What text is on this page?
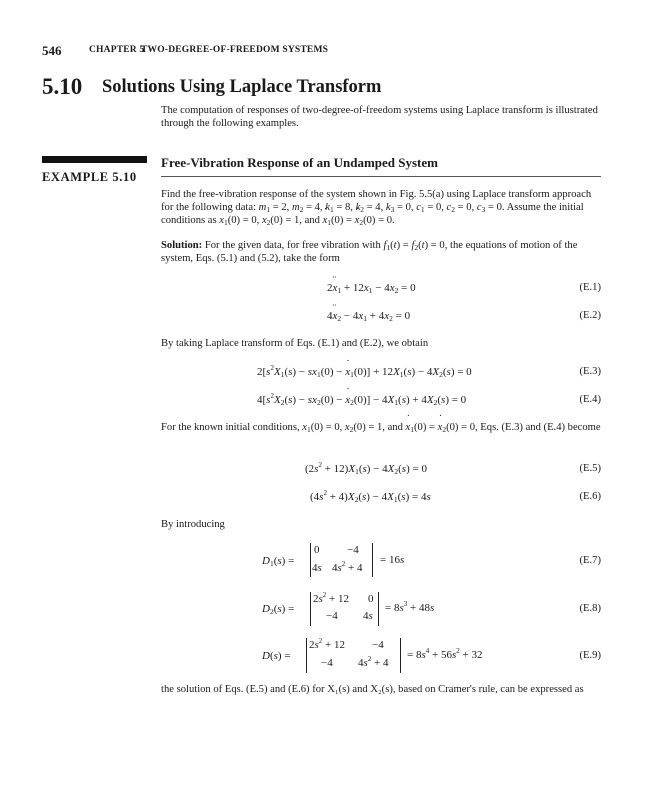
546	CHAPTER 5
TWO-DEGREE-OF-FREEDOM SYSTEMS
5.10 Solutions Using Laplace Transform
The computation of responses of two-degree-of-freedom systems using Laplace transform is illustrated through the following examples.
EXAMPLE 5.10
Free-Vibration Response of an Undamped System
Find the free-vibration response of the system shown in Fig. 5.5(a) using Laplace transform approach for the following data: $m_1 = 2$, $m_2 = 4$, $k_1 = 8$, $k_2 = 4$, $k_3 = 0$, $c_1 = 0$, $c_2 = 0$, $c_3 = 0$. Assume the initial conditions as $x_1(0) = 0$, $x_2(0) = 1$, and x $˙_1(0) = x$ $˙_2(0) = 0$.
Solution: For the given data, for free vibration with $f_1(t) = f_2(t) = 0$, the equations of motion of the system, Eqs. (5.1) and (5.2), take the form
2x $¨_1 + 12x_1 - 4x_2 = 0$	(E.1)
4x $¨_2 - 4x_1 + 4x_2 = 0$	(E.2)
By taking Laplace transform of Eqs. (E.1) and (E.2), we obtain
$2[s^2X_1(s) - sx_1(0) - x$ $˙_1(0)] + 12X_1(s) - 4X_2(s) = 0$	(E.3)
$4[s^2X_2(s) - sx_2(0) - x$ $˙_2(0)] - 4X_1(s) + 4X_2(s) = 0$	(E.4)
For the known initial conditions, $x_1(0) = 0$, $x_2(0) = 1$, and x $˙_1(0) = x$ $˙_2(0) = 0$, Eqs. (E.3) and (E.4) become
$(2s^2 + 12)X_1(s) - 4X_2(s) = 0$	(E.5)
$(4s^2 + 4)X_2(s) - 4X_1(s) = 4s$	(E.6)
By introducing
$D_1(s)$ =
0	−4
4s $4s^2 + 4$
= 16s	(E.7)
$D_2(s)$ =
$2s^2 + 12$ 0
−4 4s
= $8s^3 + 48s$	(E.8)
D(s) =
$2s^2 + 12 -4$
−4 $4s^2 + 4$
= $8s^4 + 56s^2 + 32$	(E.9)
the solution of Eqs. (E.5) and (E.6) for X₁(s) and X₂(s), based on Cramer's rule, can be expressed as
